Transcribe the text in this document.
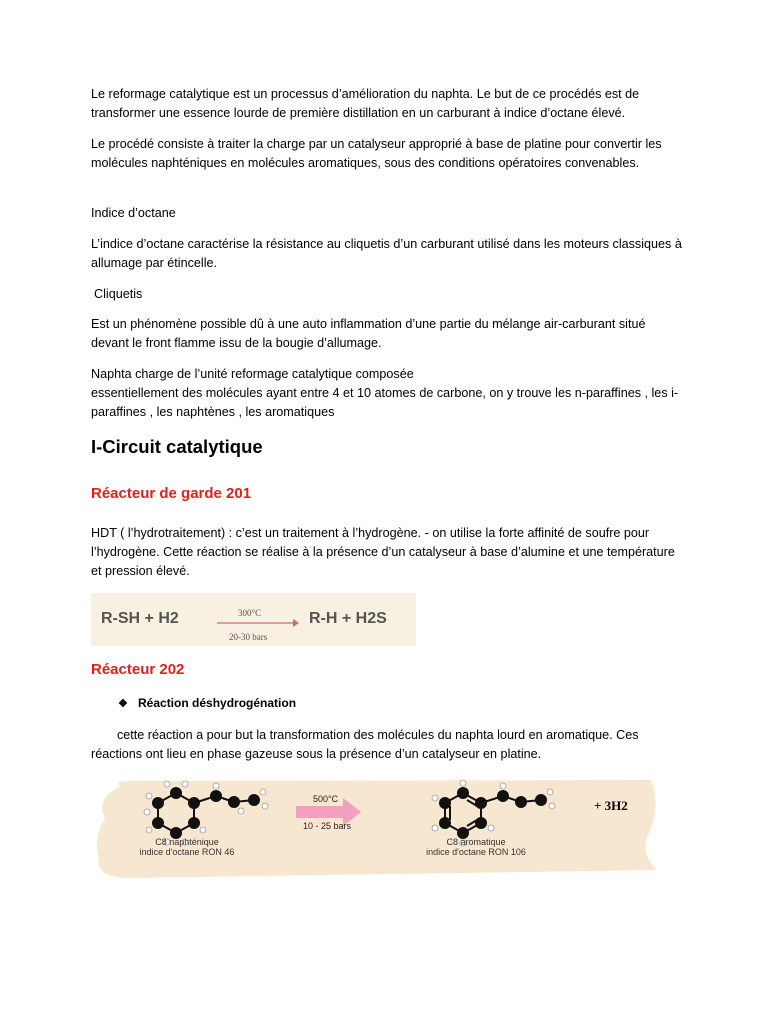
Le reformage catalytique est un processus d’amélioration du naphta. Le but de ce procédés est de transformer une essence lourde de première distillation en un carburant à indice d’octane élevé.

Le procédé consiste à traiter la charge par un catalyseur approprié à base de platine pour convertir les molécules naphténiques en molécules aromatiques, sous des conditions opératoires convenables.

Indice d’octane

L’indice d’octane caractérise la résistance au cliquetis d’un carburant utilisé dans les moteurs classiques à allumage par étincelle.

Cliquetis

Est un phénomène possible dû à une auto inflammation d’une partie du mélange air-carburant situé devant le front flamme issu de la bougie d’allumage.

Naphta charge de l’unité reformage catalytique composée

essentiellement des molécules ayant entre 4 et 10 atomes de carbone, on y trouve les n-paraffines , les i-paraffines , les naphtènes , les aromatiques

I-Circuit catalytique
Réacteur de garde 201

HDT ( l’hydrotraitement) : c’est un traitement à l’hydrogène. - on utilise la forte affinité de soufre pour l’hydrogène. Cette réaction se réalise à la présence d’un catalyseur à base d’alumine et une température et pression élevé.

R-SH + H2	300°C
20-30 bars
R-H + H2S
Réacteur 202

❖ Réaction déshydrogénation

cette réaction a pour but la transformation des molécules du naphta lourd en aromatique. Ces réactions ont lieu en phase gazeuse sous la présence d’un catalyseur en platine.

500°C
10 - 25 bars
+ 3H2
C8 naphténique
indice d'octane RON 46
C8 aromatique
indice d'octane RON 106
